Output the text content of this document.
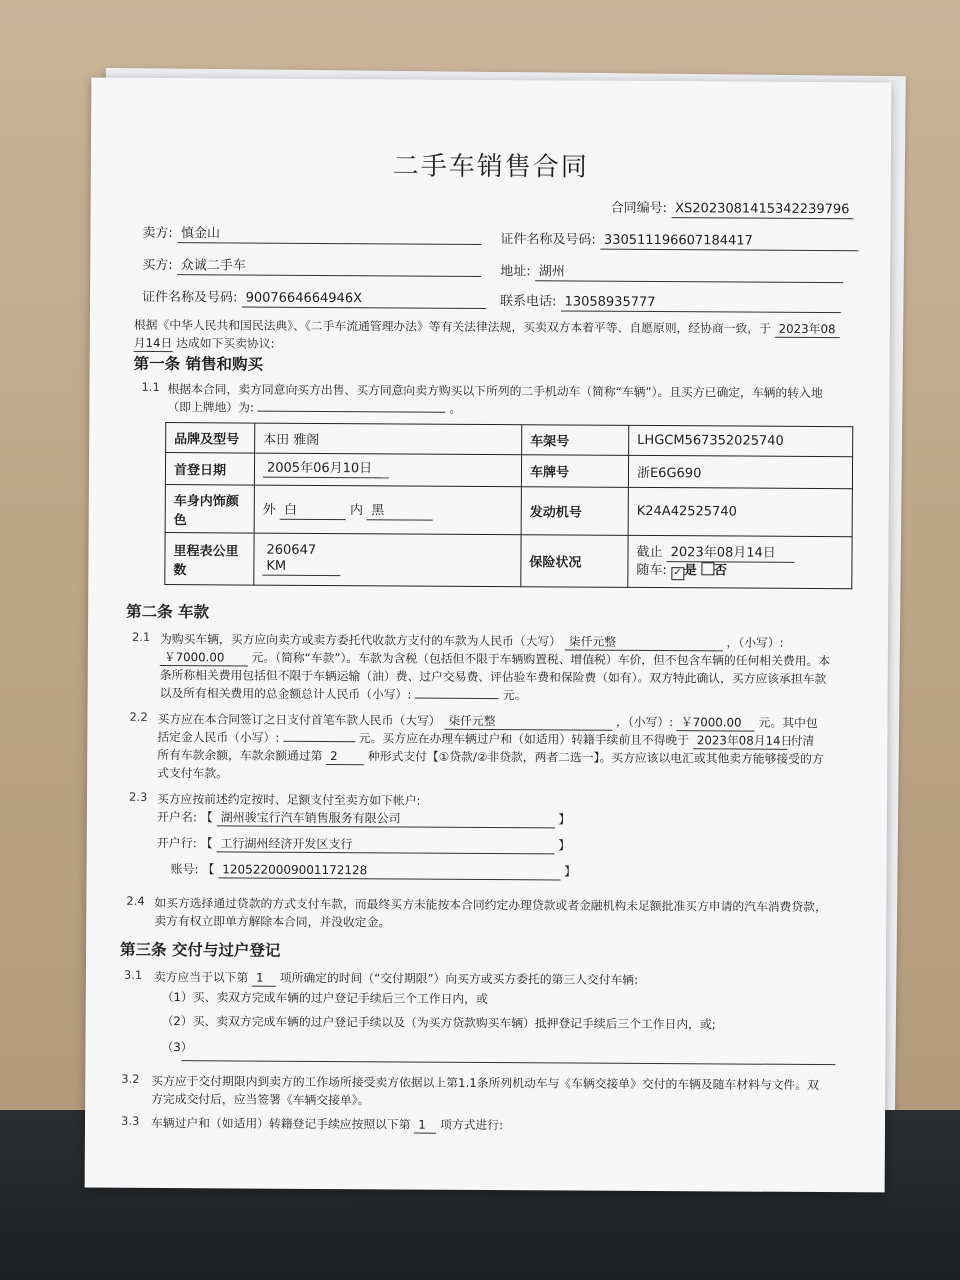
二手车销售合同
合同编号: XS20230814153422397​96
卖方: 慎金山	证件名称及号码: 330511196607184417
买方: 众诚二手车	地址: 湖州
证件名称及号码: 9007664664946X	联系电话: 13058935777
根据《中华人民共和国民法典》、《二手车流通管理办法》等有关法律法规，买卖双方本着平等、自愿原则，经协商一致，于 2023年08
月14日 达成如下买卖协议:
第一条 销售和购买
1.1 根据本合同，卖方同意向买方出售、买方同意向卖方购买以下所列的二手机动车（简称“车辆”）。且买方已确定，车辆的转入地
（即上牌地）为:	。
品牌及型号	本田 雅阁	车架号	LHGCM567352025740
首登日期	2005年06月10日	车牌号	浙E6G690
车身内饰颜色	外 白 内 黑	发动机号	K24A42525740
里程表公里数	260647 KM	保险状况	截止 2023年08月14日
随车: ✓ 是 否
第二条 车款
2.1 为购买车辆，买方应向卖方或卖方委托代收款方支付的车款为人民币（大写） 柒仟元整	，（小写）:
￥7000.00 元。（简称“车款”）。车款为含税（包括但不限于车辆购置税、增值税）车价，但不包含车辆的任何相关费用。本
条所称相关费用包括但不限于车辆运输（油）费、过户交易费、评估验车费和保险费（如有）。双方特此确认，买方应该承担车款
以及所有相关费用的总金额总计人民币（小写）:	元。
2.2 买方应在本合同签订之日支付首笔车款人民币（大写） 柒仟元整	，（小写）: ￥7000.00 元。其中包
括定金人民币（小写）:	元。买方应在办理车辆过户和（如适用）转籍手续前且不得晚于 2023年08月14日 付清
所有车款余额，车款余额通过第 2	种形式支付【①贷款/②非贷款，两者二选一】。买方应该以电汇或其他卖方能够接受的方
式支付车款。
2.3 买方应按前述约定按时、足额支付至卖方如下帐户:
开户名: 【 湖州骏宝行汽车销售服务有限公司	】
开户行: 【 工行湖州经济开发区支行	】
账号: 【 1205220009001172128	】
2.4 如买方选择通过贷款的方式支付车款，而最终买方未能按本合同约定办理贷款或者金融机构未足额批准买方申请的汽车消费贷款，
卖方有权立即单方解除本合同，并没收定金。
第三条 交付与过户登记
3.1 卖方应当于以下第 1 项所确定的时间（“交付期限”）向买方或买方委托的第三人交付车辆:
（1）买、卖双方完成车辆的过户登记手续后三个工作日内，或
（2）买、卖双方完成车辆的过户登记手续以及（为买方贷款购买车辆）抵押登记手续后三个工作日内，或;
（3）
3.2 买方应于交付期限内到卖方的工作场所接受卖方依据以上第1.1条所列机动车与《车辆交接单》交付的车辆及随车材料与文件。双
方完成交付后，应当签署《车辆交接单》。
3.3 车辆过户和（如适用）转籍登记手续应按照以下第 1 项方式进行:
